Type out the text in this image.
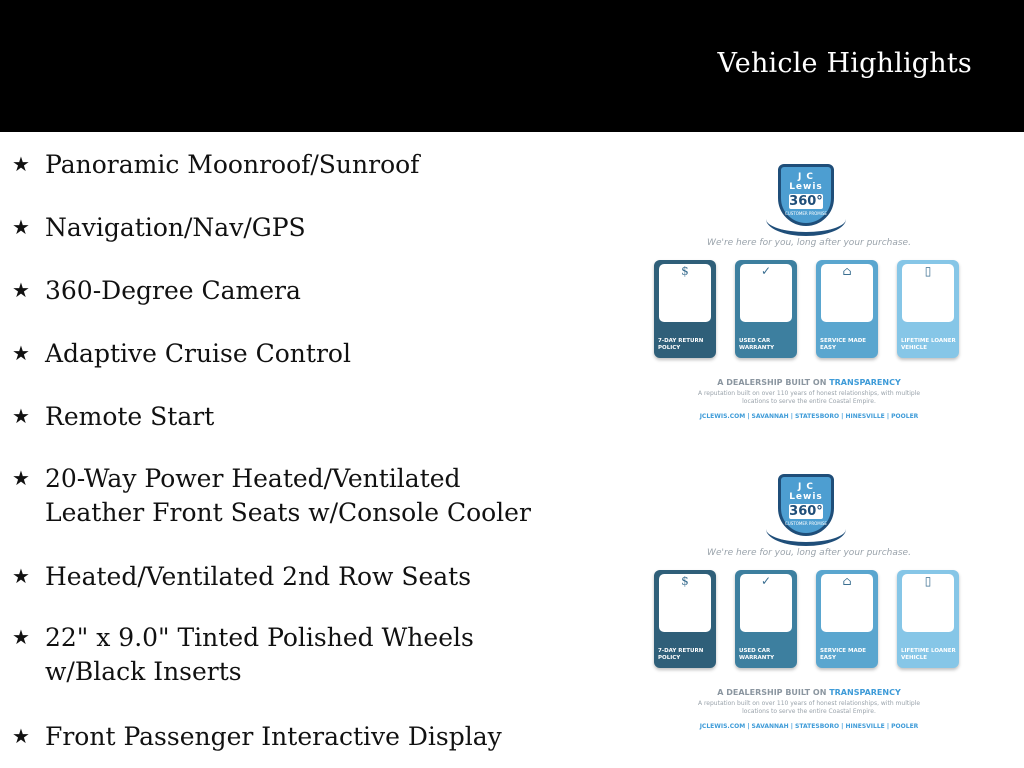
Vehicle Highlights
★ Panoramic Moonroof/Sunroof
★ Navigation/Nav/GPS
★ 360-Degree Camera
★ Adaptive Cruise Control
★ Remote Start
★ 20-Way Power Heated/Ventilated
Leather Front Seats w/Console Cooler
★ Heated/Ventilated 2nd Row Seats
★ 22" x 9.0" Tinted Polished Wheels
w/Black Inserts
★ Front Passenger Interactive Display
J C Lewis
360°
CUSTOMER PROMISE
We're here for you, long after your purchase.
$
7-DAY RETURN POLICY
✓
USED CAR WARRANTY
⌂
SERVICE MADE EASY
▯
LIFETIME LOANER VEHICLE
A DEALERSHIP BUILT ON TRANSPARENCY
A reputation built on over 110 years of honest relationships, with multiple locations to serve the entire Coastal Empire.
JCLEWIS.COM | SAVANNAH | STATESBORO | HINESVILLE | POOLER
J C Lewis
360°
CUSTOMER PROMISE
We're here for you, long after your purchase.
$
7-DAY RETURN POLICY
✓
USED CAR WARRANTY
⌂
SERVICE MADE EASY
▯
LIFETIME LOANER VEHICLE
A DEALERSHIP BUILT ON TRANSPARENCY
A reputation built on over 110 years of honest relationships, with multiple locations to serve the entire Coastal Empire.
JCLEWIS.COM | SAVANNAH | STATESBORO | HINESVILLE | POOLER
